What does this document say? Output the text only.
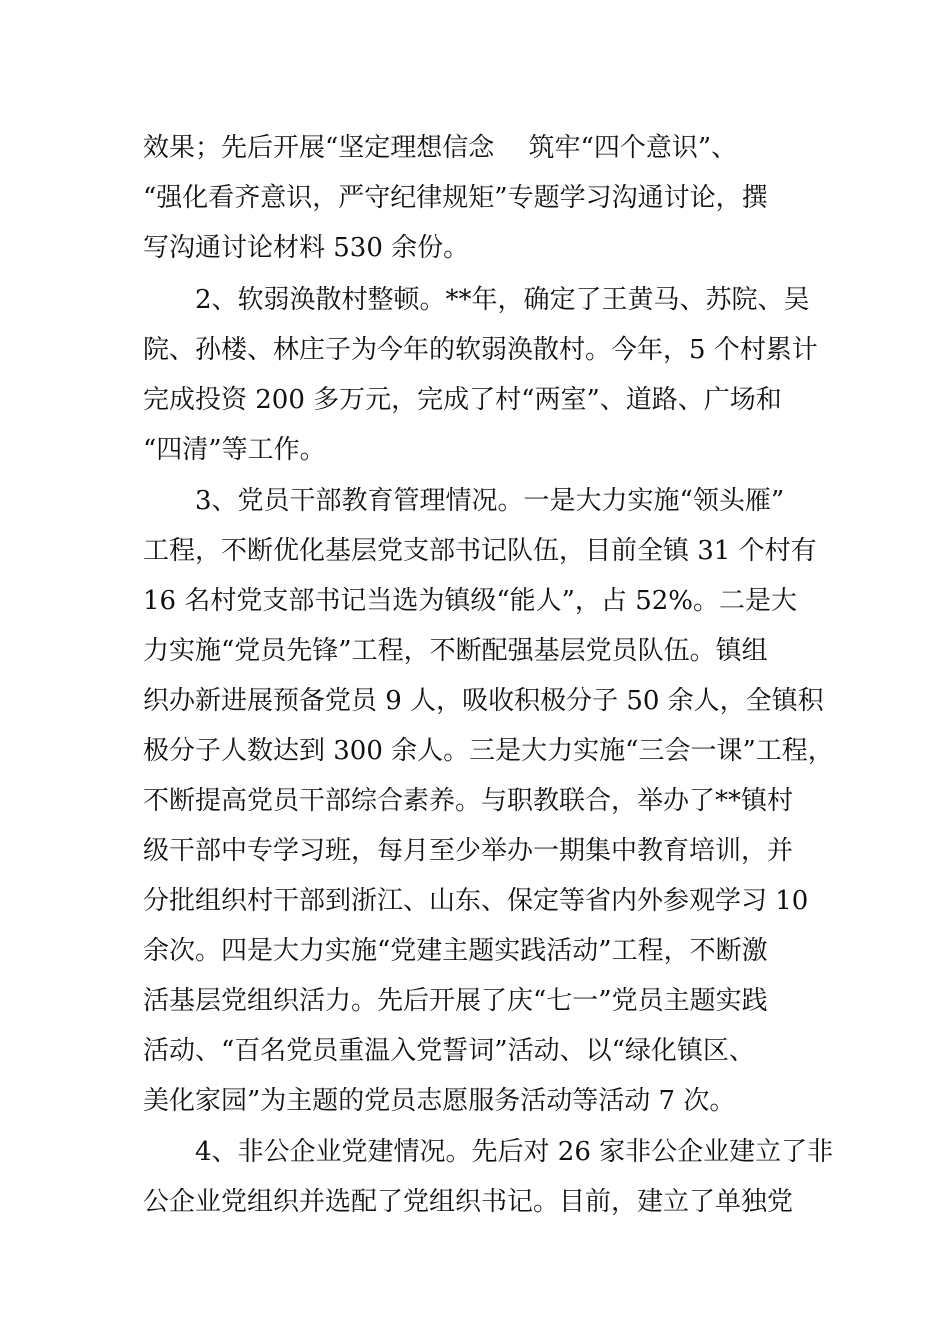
效果；先后开展“坚定理想信念　 筑牢“四个意识”、
“强化看齐意识，严守纪律规矩”专题学习沟通讨论，撰
写沟通讨论材料 530 余份。
2、软弱涣散村整顿。**年，确定了王黄马、苏院、吴
院、孙楼、林庄子为今年的软弱涣散村。今年，5 个村累计
完成投资 200 多万元，完成了村“两室”、道路、广场和
“四清”等工作。
3、党员干部教育管理情况。一是大力实施“领头雁”
工程，不断优化基层党支部书记队伍，目前全镇 31 个村有
16 名村党支部书记当选为镇级“能人”，占 52%。二是大
力实施“党员先锋”工程，不断配强基层党员队伍。镇组
织办新进展预备党员 9 人，吸收积极分子 50 余人，全镇积
极分子人数达到 300 余人。三是大力实施“三会一课”工程，
不断提高党员干部综合素养。与职教联合，举办了**镇村
级干部中专学习班，每月至少举办一期集中教育培训，并
分批组织村干部到浙江、山东、保定等省内外参观学习 10
余次。四是大力实施“党建主题实践活动”工程，不断激
活基层党组织活力。先后开展了庆“七一”党员主题实践
活动、“百名党员重温入党誓词”活动、以“绿化镇区、
美化家园”为主题的党员志愿服务活动等活动 7 次。
4、非公企业党建情况。先后对 26 家非公企业建立了非
公企业党组织并选配了党组织书记。目前，建立了单独党
